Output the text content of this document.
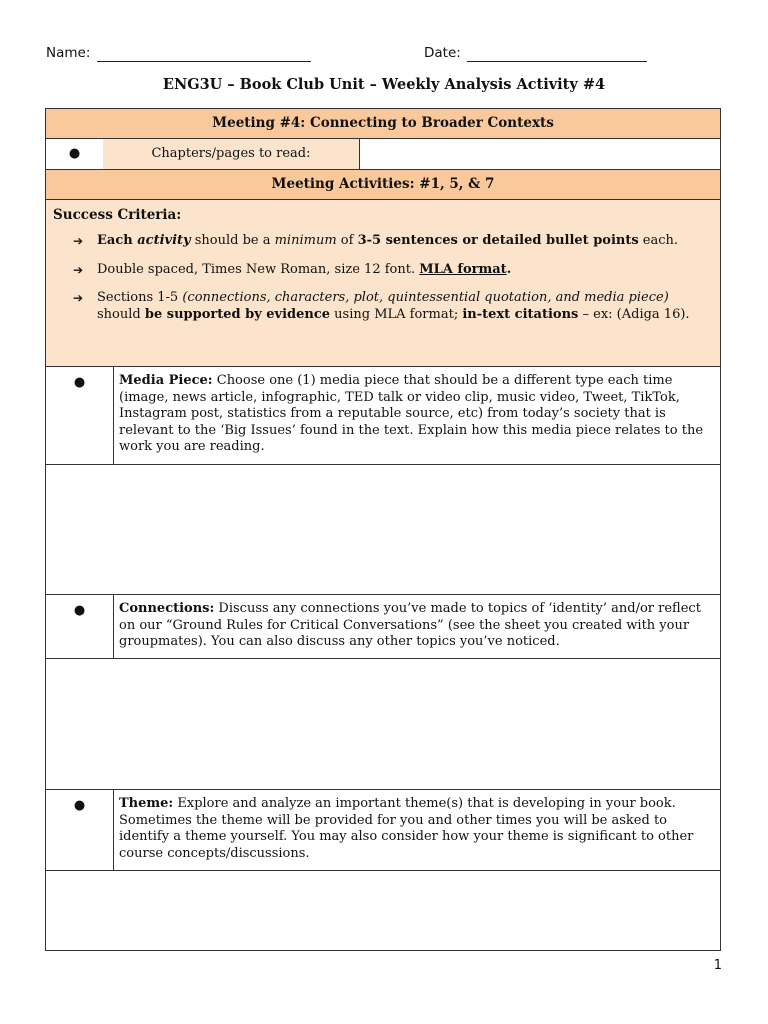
Name:	Date:
ENG3U – Book Club Unit – Weekly Analysis Activity #4
Meeting #4: Connecting to Broader Contexts
●	Chapters/pages to read:
Meeting Activities: #1, 5, & 7
Success Criteria:
➔ Each activity should be a minimum of 3-5 sentences or detailed bullet points each.
➔ Double spaced, Times New Roman, size 12 font. MLA format.
➔ Sections 1-5 (connections, characters, plot, quintessential quotation, and media piece) should be supported by evidence using MLA format; in-text citations – ex: (Adiga 16).
●	Media Piece: Choose one (1) media piece that should be a different type each time (image, news article, infographic, TED talk or video clip, music video, Tweet, TikTok, Instagram post, statistics from a reputable source, etc) from today’s society that is relevant to the ‘Big Issues’ found in the text. Explain how this media piece relates to the work you are reading.
●	Connections: Discuss any connections you’ve made to topics of ‘identity’ and/or reflect on our “Ground Rules for Critical Conversations” (see the sheet you created with your groupmates). You can also discuss any other topics you’ve noticed.
●	Theme: Explore and analyze an important theme(s) that is developing in your book. Sometimes the theme will be provided for you and other times you will be asked to identify a theme yourself. You may also consider how your theme is significant to other course concepts/discussions.
1
